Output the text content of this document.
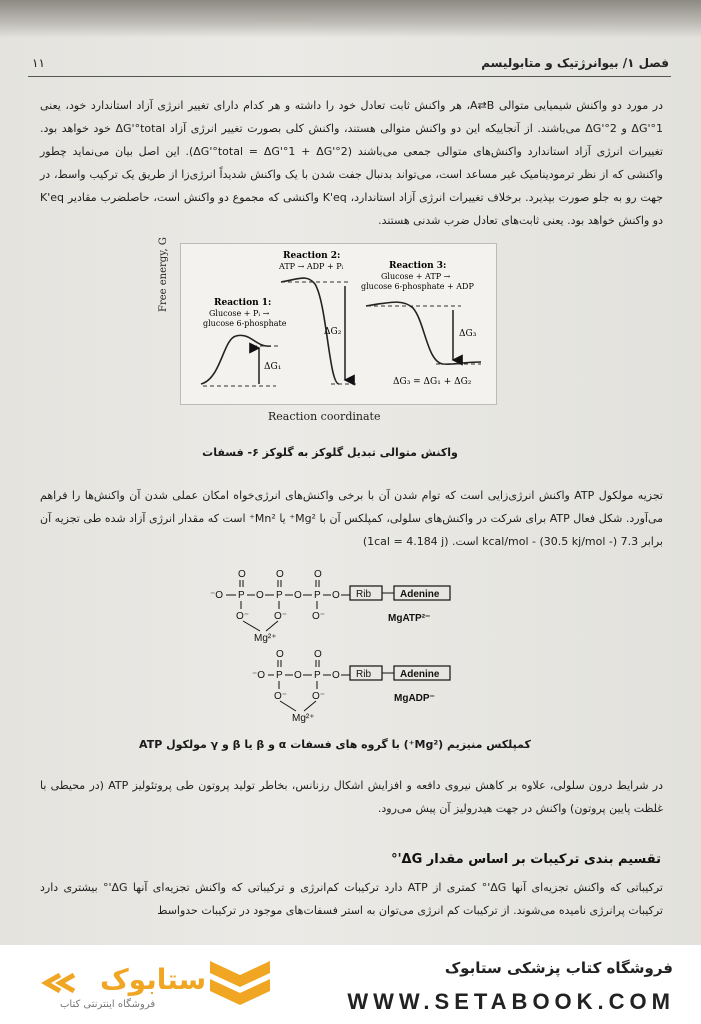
۱۱	فصل ۱/ بیوانرژتیک و متابولیسم
در مورد دو واکنش شیمیایی متوالی A⇄B، هر واکنش ثابت تعادل خود را داشته و هر کدام دارای تغییر انرژی آزاد استاندارد خود، یعنی ΔG'°1 و ΔG'°2 می‌باشند. از آنجاییکه این دو واکنش متوالی هستند، واکنش کلی بصورت تغییر انرژی آزاد ΔG'°total خود خواهد بود. تغییرات انرژی آزاد استاندارد واکنش‌های متوالی جمعی می‌باشند (ΔG'°total = ΔG'°1 + ΔG'°2). این اصل بیان می‌نماید چطور واکنشی که از نظر ترمودینامیک غیر مساعد است، می‌تواند بدنبال جفت شدن با یک واکنش شدیداً انرژی‌زا از طریق یک ترکیب واسط، در جهت رو به جلو صورت بپذیرد. برخلاف تغییرات انرژی آزاد استاندارد، K'eq واکنشی که مجموع دو واکنش است، حاصلضرب مقادیر K'eq دو واکنش خواهد بود. یعنی ثابت‌های تعادل ضرب شدنی هستند.
Free energy, G
ΔG₁
Reaction 1:
Glucose + Pᵢ →
glucose 6-phosphate
ΔG₂
Reaction 2:
ATP → ADP + Pᵢ
ΔG₃
Reaction 3:
Glucose + ATP →
glucose 6-phosphate + ADP
ΔG₃ = ΔG₁ + ΔG₂
Reaction coordinate
واکنش متوالی تبدیل گلوکز به گلوکز ۶- فسفات
تجزیه مولکول ATP واکنش انرژی‌زایی است که توام شدن آن با برخی واکنش‌های انرژی‌خواه امکان عملی شدن آن واکنش‌ها را فراهم می‌آورد. شکل فعال ATP برای شرکت در واکنش‌های سلولی، کمپلکس آن با Mg²⁺ یا Mn²⁺ است که مقدار انرژی آزاد شده طی تجزیه آن برابر 7.3 kcal/mol - (30.5 kj/mol -) است. (1cal = 4.184 j)
⁻O P O P O P O
O	O	O
O⁻ O⁻ O⁻
Mg²⁺
Rib	Adenine
MgATP²⁻
⁻O P O P O
O	O
O⁻ O⁻
Mg²⁺
Rib	Adenine
MgADP⁻
کمپلکس منیزیم (Mg²⁺) با گروه های فسفات α و β یا β و γ مولکول ATP
در شرایط درون سلولی، علاوه بر کاهش نیروی دافعه و افزایش اشکال رزنانس، بخاطر تولید پروتون طی پروتئولیز ATP (در محیطی با غلظت پایین پروتون) واکنش در جهت هیدرولیز آن پیش می‌رود.
تقسیم بندی ترکیبات بر اساس مقدار ΔG'°
ترکیباتی که واکنش تجزیه‌ای آنها ΔG'° کمتری از ATP دارد ترکیبات کم‌انرژی و ترکیباتی که واکنش تجزیه‌ای آنها ΔG'° بیشتری دارد ترکیبات پرانرژی نامیده می‌شوند. از ترکیبات کم انرژی می‌توان به استر فسفات‌های موجود در ترکیبات حدواسط
ستابوک
فروشگاه اینترنتی کتاب
فروشگاه کتاب پزشکی ستابوک
WWW.SETABOOK.COM
